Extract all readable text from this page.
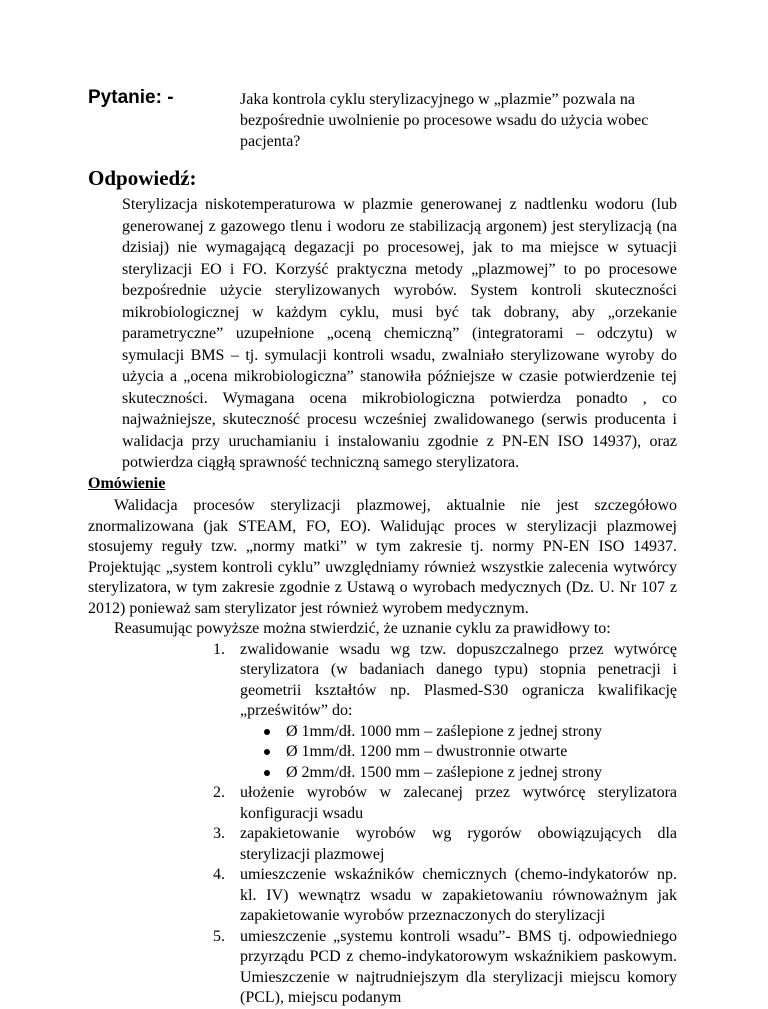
Pytanie: -	Jaka kontrola cyklu sterylizacyjnego w „plazmie” pozwala na bezpośrednie uwolnienie po procesowe wsadu do użycia wobec pacjenta?
Odpowiedź:

Sterylizacja niskotemperaturowa w plazmie generowanej z nadtlenku wodoru (lub generowanej z gazowego tlenu i wodoru ze stabilizacją argonem) jest sterylizacją (na dzisiaj) nie wymagającą degazacji po procesowej, jak to ma miejsce w sytuacji sterylizacji EO i FO. Korzyść praktyczna metody „plazmowej” to po procesowe bezpośrednie użycie sterylizowanych wyrobów. System kontroli skuteczności mikrobiologicznej w każdym cyklu, musi być tak dobrany, aby „orzekanie parametryczne” uzupełnione „oceną chemiczną” (integratorami – odczytu) w symulacji BMS – tj. symulacji kontroli wsadu, zwalniało sterylizowane wyroby do użycia a „ocena mikrobiologiczna” stanowiła późniejsze w czasie potwierdzenie tej skuteczności. Wymagana ocena mikrobiologiczna potwierdza ponadto , co najważniejsze, skuteczność procesu wcześniej zwalidowanego (serwis producenta i walidacja przy uruchamianiu i instalowaniu zgodnie z PN-EN ISO 14937), oraz potwierdza ciągłą sprawność techniczną samego sterylizatora.

Omówienie

Walidacja procesów sterylizacji plazmowej, aktualnie nie jest szczegółowo znormalizowana (jak STEAM, FO, EO). Walidując proces w sterylizacji plazmowej stosujemy reguły tzw. „normy matki” w tym zakresie tj. normy PN-EN ISO 14937. Projektując „system kontroli cyklu” uwzględniamy również wszystkie zalecenia wytwórcy sterylizatora, w tym zakresie zgodnie z Ustawą o wyrobach medycznych (Dz. U. Nr 107 z 2012) ponieważ sam sterylizator jest również wyrobem medycznym.

Reasumując powyższe można stwierdzić, że uznanie cyklu za prawidłowy to:

1. zwalidowanie wsadu wg tzw. dopuszczalnego przez wytwórcę sterylizatora (w badaniach danego typu) stopnia penetracji i geometrii kształtów np. Plasmed-S30 ogranicza kwalifikację „prześwitów” do:
Ø 1mm/dł. 1000 mm – zaślepione z jednej strony
Ø 1mm/dł. 1200 mm – dwustronnie otwarte
Ø 2mm/dł. 1500 mm – zaślepione z jednej strony
2. ułożenie wyrobów w zalecanej przez wytwórcę sterylizatora konfiguracji wsadu
3. zapakietowanie wyrobów wg rygorów obowiązujących dla sterylizacji plazmowej
4. umieszczenie wskaźników chemicznych (chemo-indykatorów np. kl. IV) wewnątrz wsadu w zapakietowaniu równoważnym jak zapakietowanie wyrobów przeznaczonych do sterylizacji
5. umieszczenie „systemu kontroli wsadu”- BMS tj. odpowiedniego przyrządu PCD z chemo-indykatorowym wskaźnikiem paskowym. Umieszczenie w najtrudniejszym dla sterylizacji miejscu komory (PCL), miejscu podanym
